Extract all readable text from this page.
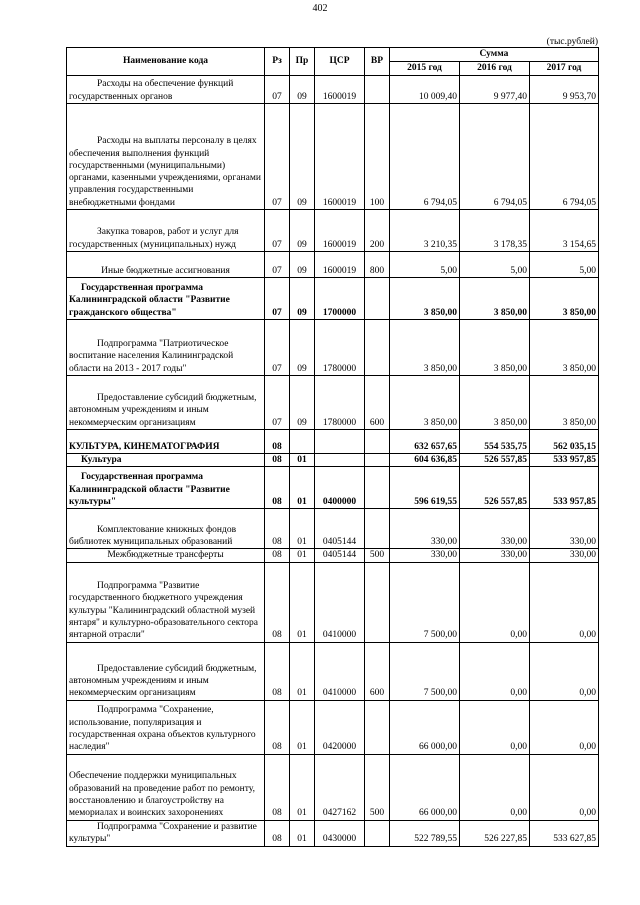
402
(тыс.рублей)
Наименование кода	Рз	Пр	ЦСР	ВР	Сумма		
					2015 год	2016 год	2017 год
Расходы на обеспечение функций государственных органов	07	09	1600019		10 009,40	9 977,40	9 953,70
Расходы на выплаты персоналу в целях обеспечения выполнения функций государственными (муниципальными) органами, казенными учреждениями, органами управления государственными внебюджетными фондами	07	09	1600019	100	6 794,05	6 794,05	6 794,05
Закупка товаров, работ и услуг для государственных (муниципальных) нужд	07	09	1600019	200	3 210,35	3 178,35	3 154,65
Иные бюджетные ассигнования	07	09	1600019	800	5,00	5,00	5,00
Государственная программа Калининградской области "Развитие гражданского общества"	07	09	1700000		3 850,00	3 850,00	3 850,00
Подпрограмма "Патриотическое воспитание населения Калининградской области на 2013 - 2017 годы"	07	09	1780000		3 850,00	3 850,00	3 850,00
Предоставление субсидий бюджетным, автономным учреждениям и иным некоммерческим организациям	07	09	1780000	600	3 850,00	3 850,00	3 850,00
КУЛЬТУРА, КИНЕМАТОГРАФИЯ	08				632 657,65	554 535,75	562 035,15
Культура	08	01			604 636,85	526 557,85	533 957,85
Государственная программа Калининградской области "Развитие культуры"	08	01	0400000		596 619,55	526 557,85	533 957,85
Комплектование книжных фондов библиотек муниципальных образований	08	01	0405144		330,00	330,00	330,00
Межбюджетные трансферты	08	01	0405144	500	330,00	330,00	330,00
Подпрограмма "Развитие государственного бюджетного учреждения культуры "Калининградский областной музей янтаря" и культурно-образовательного сектора янтарной отрасли"	08	01	0410000		7 500,00	0,00	0,00
Предоставление субсидий бюджетным, автономным учреждениям и иным некоммерческим организациям	08	01	0410000	600	7 500,00	0,00	0,00
Подпрограмма "Сохранение, использование, популяризация и государственная охрана объектов культурного наследия"	08	01	0420000		66 000,00	0,00	0,00
Обеспечение поддержки муниципальных образований на проведение работ по ремонту, восстановлению и благоустройству на мемориалах и воинских захоронениях	08	01	0427162	500	66 000,00	0,00	0,00
Подпрограмма "Сохранение и развитие культуры"	08	01	0430000		522 789,55	526 227,85	533 627,85
